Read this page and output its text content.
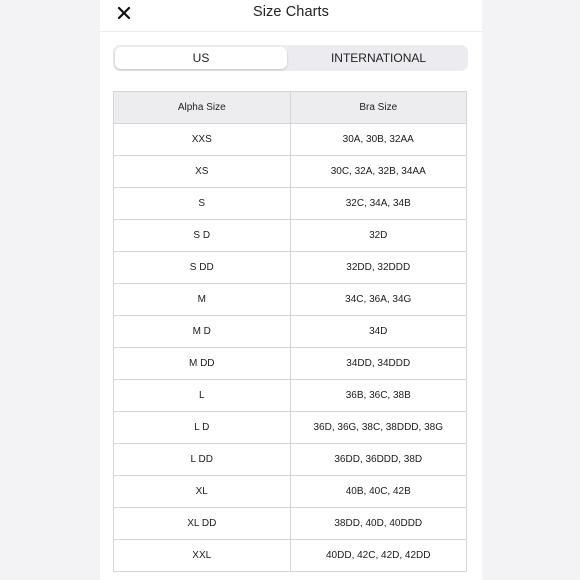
Size Charts
US	INTERNATIONAL
Alpha Size	Bra Size
XXS	30A, 30B, 32AA
XS	30C, 32A, 32B, 34AA
S	32C, 34A, 34B
S D	32D
S DD	32DD, 32DDD
M	34C, 36A, 34G
M D	34D
M DD	34DD, 34DDD
L	36B, 36C, 38B
L D	36D, 36G, 38C, 38DDD, 38G
L DD	36DD, 36DDD, 38D
XL	40B, 40C, 42B
XL DD	38DD, 40D, 40DDD
XXL	40DD, 42C, 42D, 42DD
